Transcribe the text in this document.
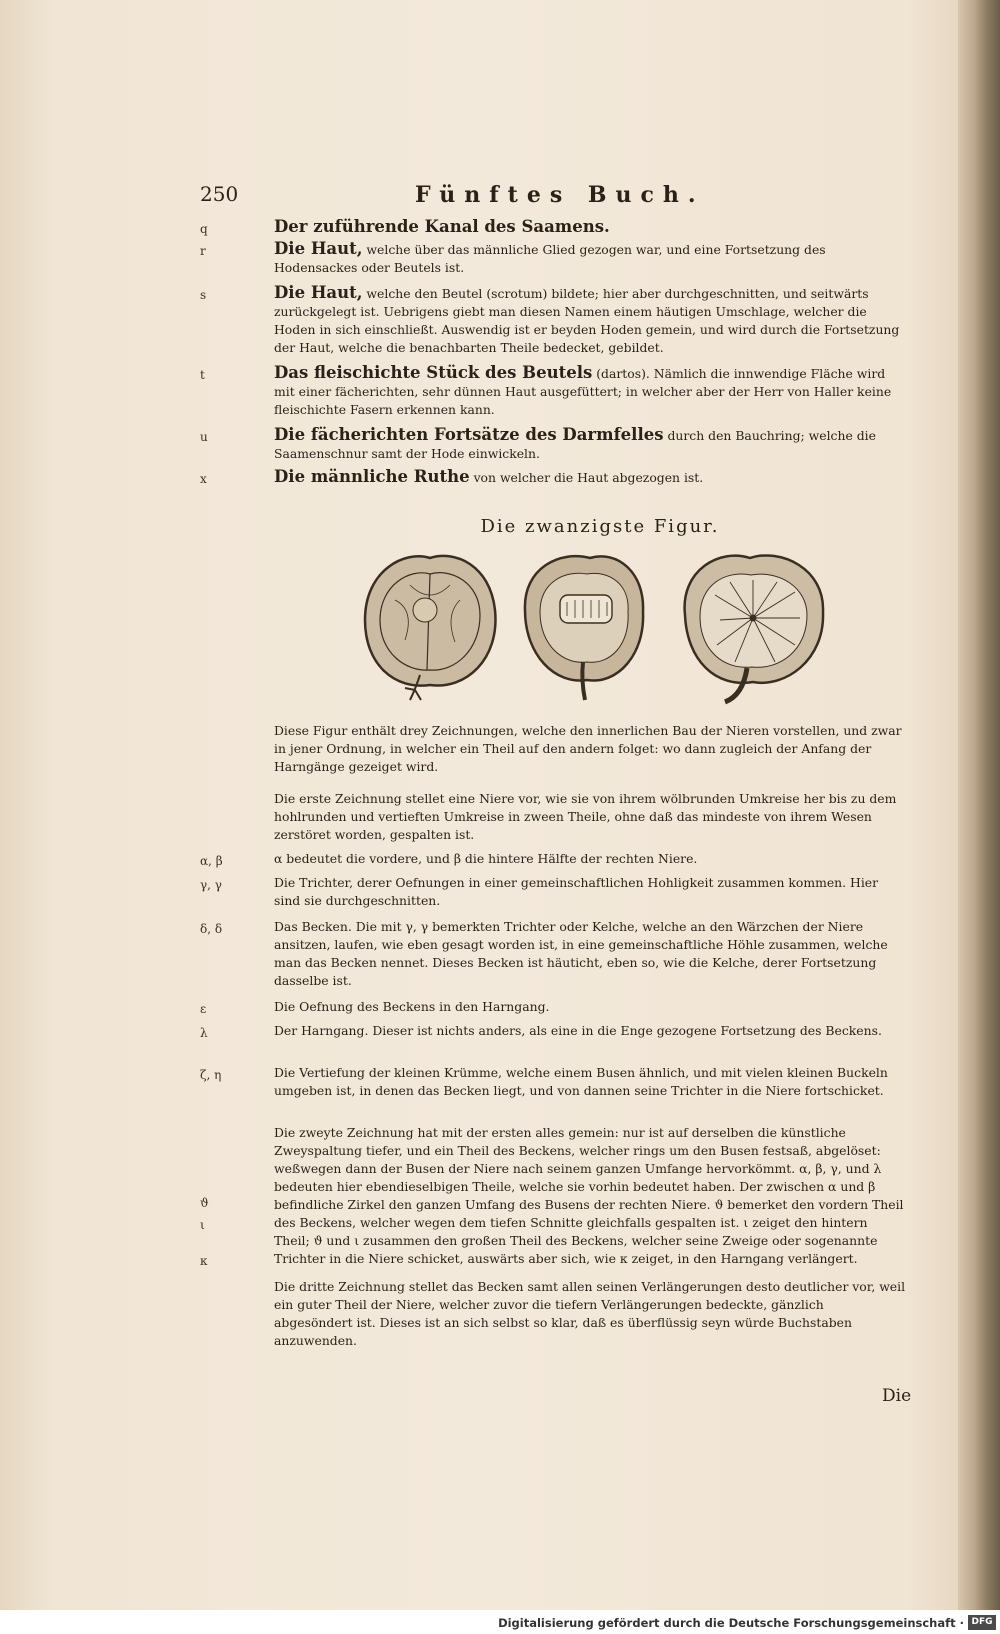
250	Fünftes Buch.
q	Der zuführende Kanal des Saamens.
r	Die Haut, welche über das männliche Glied gezogen war, und eine Fortsetzung des Hodensackes oder Beutels ist.
s	Die Haut, welche den Beutel (scrotum) bildete; hier aber durchgeschnitten, und seitwärts zurückgelegt ist. Uebrigens giebt man diesen Namen einem häutigen Umschlage, welcher die Hoden in sich einschließt. Auswendig ist er beyden Hoden gemein, und wird durch die Fortsetzung der Haut, welche die benachbarten Theile bedecket, gebildet.
t	Das fleischichte Stück des Beutels (dartos). Nämlich die innwendige Fläche wird mit einer fächerichten, sehr dünnen Haut ausgefüttert; in welcher aber der Herr von Haller keine fleischichte Fasern erkennen kann.
u	Die fächerichten Fortsätze des Darmfelles durch den Bauchring; welche die Saamenschnur samt der Hode einwickeln.
x	Die männliche Ruthe von welcher die Haut abgezogen ist.
Die zwanzigste Figur.
Diese Figur enthält drey Zeichnungen, welche den innerlichen Bau der Nieren vorstellen, und zwar in jener Ordnung, in welcher ein Theil auf den andern folget: wo dann zugleich der Anfang der Harngänge gezeiget wird.
Die erste Zeichnung stellet eine Niere vor, wie sie von ihrem wölbrunden Umkreise her bis zu dem hohlrunden und vertieften Umkreise in zween Theile, ohne daß das mindeste von ihrem Wesen zerstöret worden, gespalten ist.
α, β	α bedeutet die vordere, und β die hintere Hälfte der rechten Niere.
γ, γ	Die Trichter, derer Oefnungen in einer gemeinschaftlichen Hohligkeit zusammen kommen. Hier sind sie durchgeschnitten.
δ, δ	Das Becken. Die mit γ, γ bemerkten Trichter oder Kelche, welche an den Wärzchen der Niere ansitzen, laufen, wie eben gesagt worden ist, in eine gemeinschaftliche Höhle zusammen, welche man das Becken nennet. Dieses Becken ist häuticht, eben so, wie die Kelche, derer Fortsetzung dasselbe ist.
ε	Die Oefnung des Beckens in den Harngang.
λ	Der Harngang. Dieser ist nichts anders, als eine in die Enge gezogene Fortsetzung des Beckens.
ζ, η	Die Vertiefung der kleinen Krümme, welche einem Busen ähnlich, und mit vielen kleinen Buckeln umgeben ist, in denen das Becken liegt, und von dannen seine Trichter in die Niere fortschicket.
Die zweyte Zeichnung hat mit der ersten alles gemein: nur ist auf derselben die künstliche Zweyspaltung tiefer, und ein Theil des Beckens, welcher rings um den Busen festsaß, abgelöset: weßwegen dann der Busen der Niere nach seinem ganzen Umfange hervorkömmt. α, β, γ, und λ bedeuten hier ebendieselbigen Theile, welche sie vorhin bedeutet haben. Der zwischen α und β befindliche Zirkel den ganzen Umfang des Busens der rechten Niere. ϑ bemerket den vordern Theil des Beckens, welcher wegen dem tiefen Schnitte gleichfalls gespalten ist. ι zeiget den hintern Theil; ϑ und ι zusammen den großen Theil des Beckens, welcher seine Zweige oder sogenannte Trichter in die Niere schicket, auswärts aber sich, wie κ zeiget, in den Harngang verlängert.
ϑ
ι
κ
Die dritte Zeichnung stellet das Becken samt allen seinen Verlängerungen desto deutlicher vor, weil ein guter Theil der Niere, welcher zuvor die tiefern Verlängerungen bedeckte, gänzlich abgesöndert ist. Dieses ist an sich selbst so klar, daß es überflüssig seyn würde Buchstaben anzuwenden.
Die
Digitalisierung gefördert durch die Deutsche Forschungsgemeinschaft · DFG
